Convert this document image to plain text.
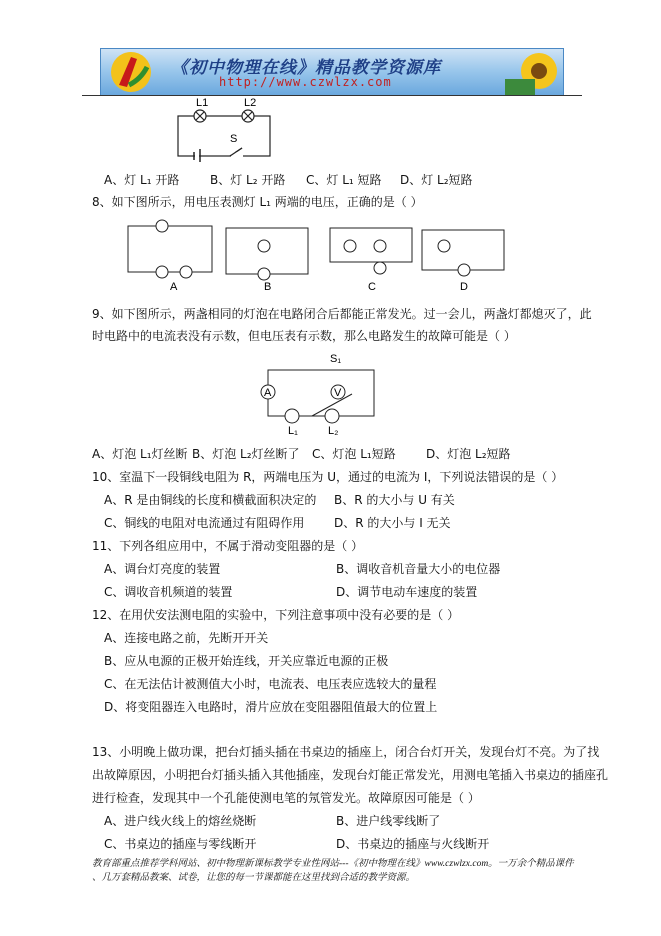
《初中物理在线》精品教学资源库
http://www.czwlzx.com
L1	L2
S
A、灯 L₁ 开路	B、灯 L₂ 开路 C、灯 L₁ 短路 D、灯 L₂短路
8、如下图所示，用电压表测灯 L₁ 两端的电压，正确的是（ ）
A	B	C	D
9、如下图所示，两盏相同的灯泡在电路闭合后都能正常发光。过一会儿，两盏灯都熄灭了，此
时电路中的电流表没有示数，但电压表有示数，那么电路发生的故障可能是（ ）
A	V
S₁
L₁	L₂
A、灯泡 L₁灯丝断 B、灯泡 L₂灯丝断了 C、灯泡 L₁短路	D、灯泡 L₂短路
10、室温下一段铜线电阻为 R，两端电压为 U，通过的电流为 I，下列说法错误的是（ ）
A、R 是由铜线的长度和横截面积决定的 B、R 的大小与 U 有关
C、铜线的电阻对电流通过有阻碍作用 D、R 的大小与 I 无关
11、下列各组应用中，不属于滑动变阻器的是（ ）
A、调台灯亮度的装置	B、调收音机音量大小的电位器
C、调收音机频道的装置	D、调节电动车速度的装置
12、在用伏安法测电阻的实验中，下列注意事项中没有必要的是（ ）
A、连接电路之前，先断开开关
B、应从电源的正极开始连线，开关应靠近电源的正极
C、在无法估计被测值大小时，电流表、电压表应选较大的量程
D、将变阻器连入电路时，滑片应放在变阻器阻值最大的位置上
13、小明晚上做功课，把台灯插头插在书桌边的插座上，闭合台灯开关，发现台灯不亮。为了找
出故障原因，小明把台灯插头插入其他插座，发现台灯能正常发光，用测电笔插入书桌边的插座孔
进行检查，发现其中一个孔能使测电笔的氖管发光。故障原因可能是（ ）
A、进户线火线上的熔丝烧断	B、进户线零线断了
C、书桌边的插座与零线断开	D、书桌边的插座与火线断开
教育部重点推荐学科网站、初中物理新课标教学专业性网站---《初中物理在线》www.czwlzx.com。一万余个精品课件
、几万套精品教案、试卷，让您的每一节课都能在这里找到合适的教学资源。
